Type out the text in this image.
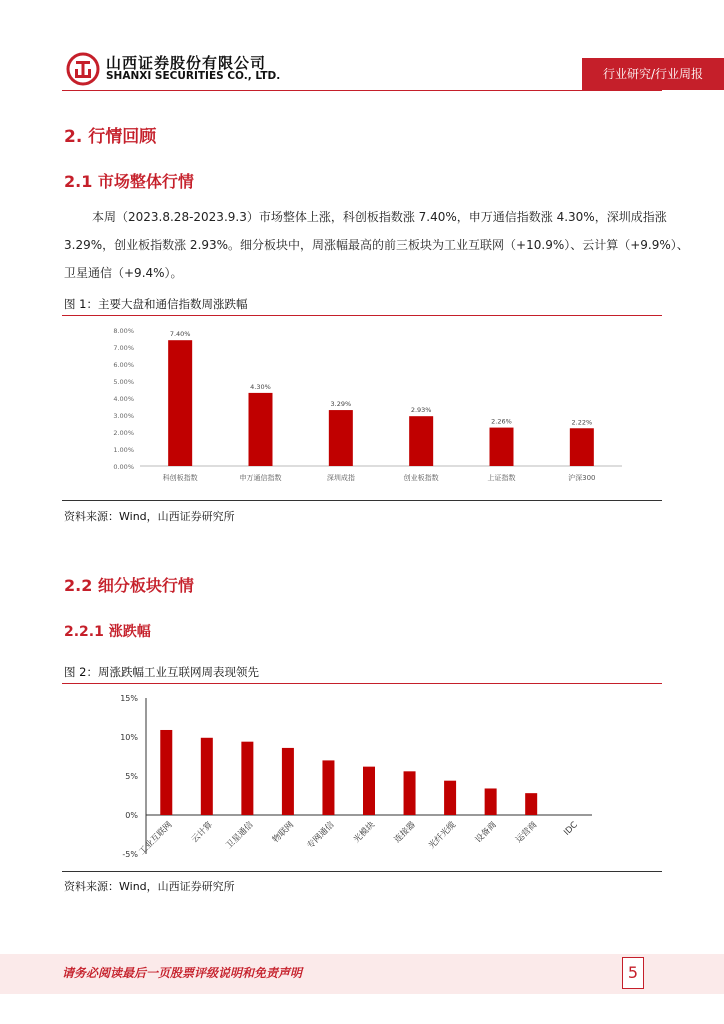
山西证券股份有限公司
SHANXI SECURITIES CO., LTD.	行业研究/行业周报
2. 行情回顾
2.1 市场整体行情
本周（2023.8.28-2023.9.3）市场整体上涨，科创板指数涨 7.40%，申万通信指数涨 4.30%，深圳成指涨
3.29%，创业板指数涨 2.93%。细分板块中，周涨幅最高的前三板块为工业互联网（+10.9%）、云计算（+9.9%）、
卫星通信（+9.4%）。
图 1：主要大盘和通信指数周涨跌幅
0.00%
1.00%
2.00%
3.00%
4.00%
5.00%
6.00%
7.00%
8.00%	7.40%
科创板指数
4.30%
申万通信指数
3.29%
深圳成指
2.93%
创业板指数
2.26%
上证指数
2.22%
沪深300
资料来源：Wind，山西证券研究所
2.2 细分板块行情
2.2.1 涨跌幅
图 2：周涨跌幅工业互联网周表现领先
-5%
0%
5%
10%
15%
工业互联网 云计算 卫星通信 物联网 专网通信 光模块 连接器 光纤光缆 设备商 运营商	IDC
资料来源：Wind，山西证券研究所
请务必阅读最后一页股票评级说明和免责声明	5
